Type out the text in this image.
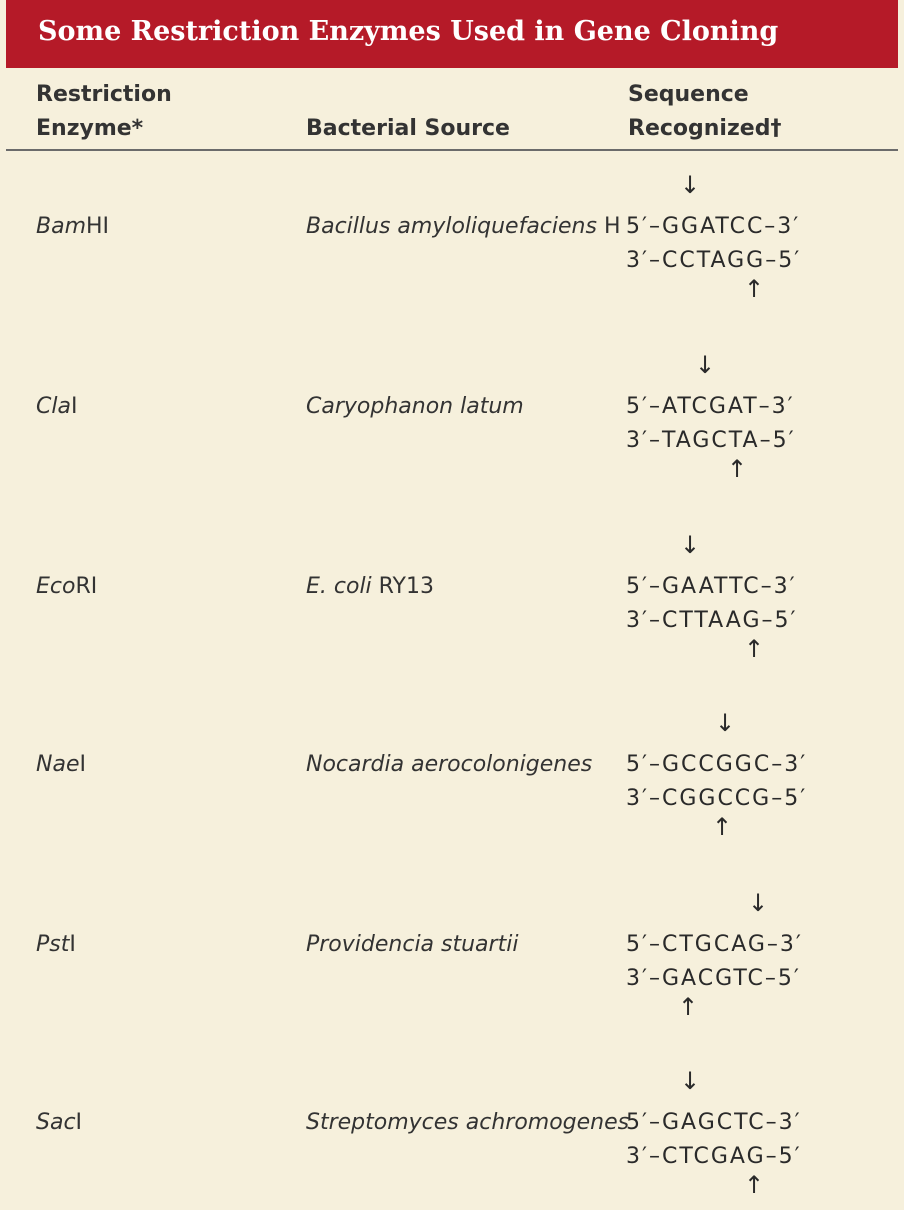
Some Restriction Enzymes Used in Gene Cloning
Restriction
Enzyme*	Bacterial Source
Sequence
Recognized†
BamHI	Bacillus amyloliquefaciens H
↓
5′–GGATCC–3′
3′–CCTAGG–5′
↑
ClaI	Caryophanon latum
↓
5′–ATCGAT–3′
3′–TAGCTA–5′
↑
EcoRI	E. coli RY13
↓
5′–GAATTC–3′
3′–CTTAAG–5′
↑
NaeI	Nocardia aerocolonigenes
↓
5′–GCCGGC–3′
3′–CGGCCG–5′
↑
PstI	Providencia stuartii
↓
5′–CTGCAG–3′
3′–GACGTC–5′
↑
SacI	Streptomyces achromogenes
↓
5′–GAGCTC–3′
3′–CTCGAG–5′
↑
